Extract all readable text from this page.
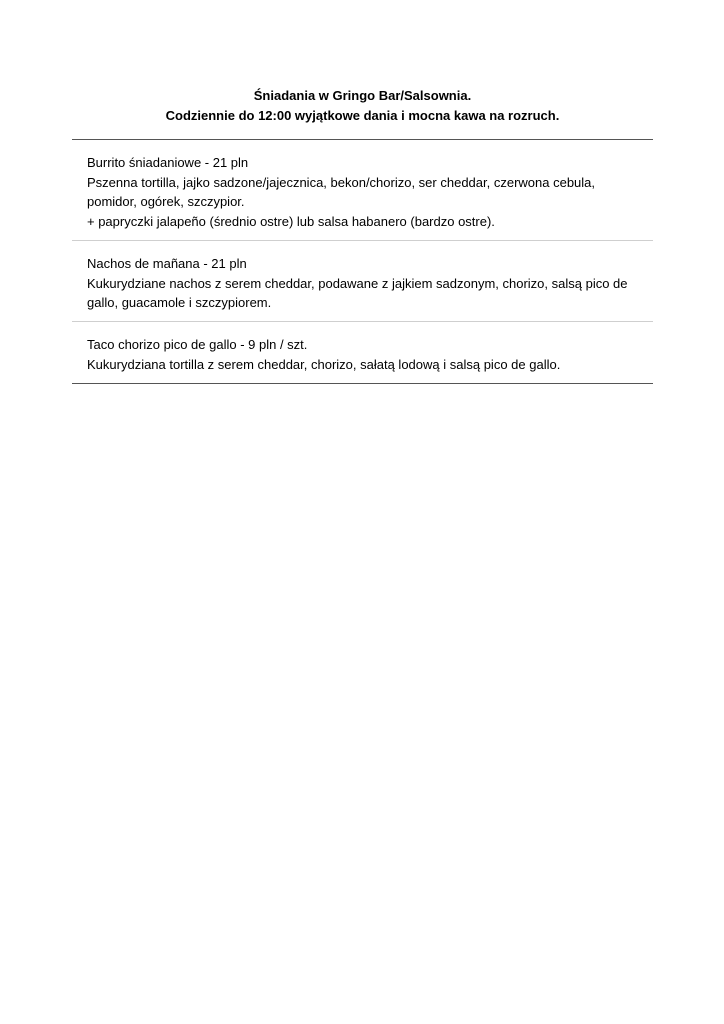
Śniadania w Gringo Bar/Salsownia.
Codziennie do 12:00 wyjątkowe dania i mocna kawa na rozruch.
Burrito śniadaniowe - 21 pln
Pszenna tortilla, jajko sadzone/jajecznica, bekon/chorizo, ser cheddar, czerwona cebula,
pomidor, ogórek, szczypior.
+ papryczki jalapeño (średnio ostre) lub salsa habanero (bardzo ostre).
Nachos de mañana - 21 pln
Kukurydziane nachos z serem cheddar, podawane z jajkiem sadzonym, chorizo, salsą pico de
gallo, guacamole i szczypiorem.
Taco chorizo pico de gallo - 9 pln / szt.
Kukurydziana tortilla z serem cheddar, chorizo, sałatą lodową i salsą pico de gallo.
